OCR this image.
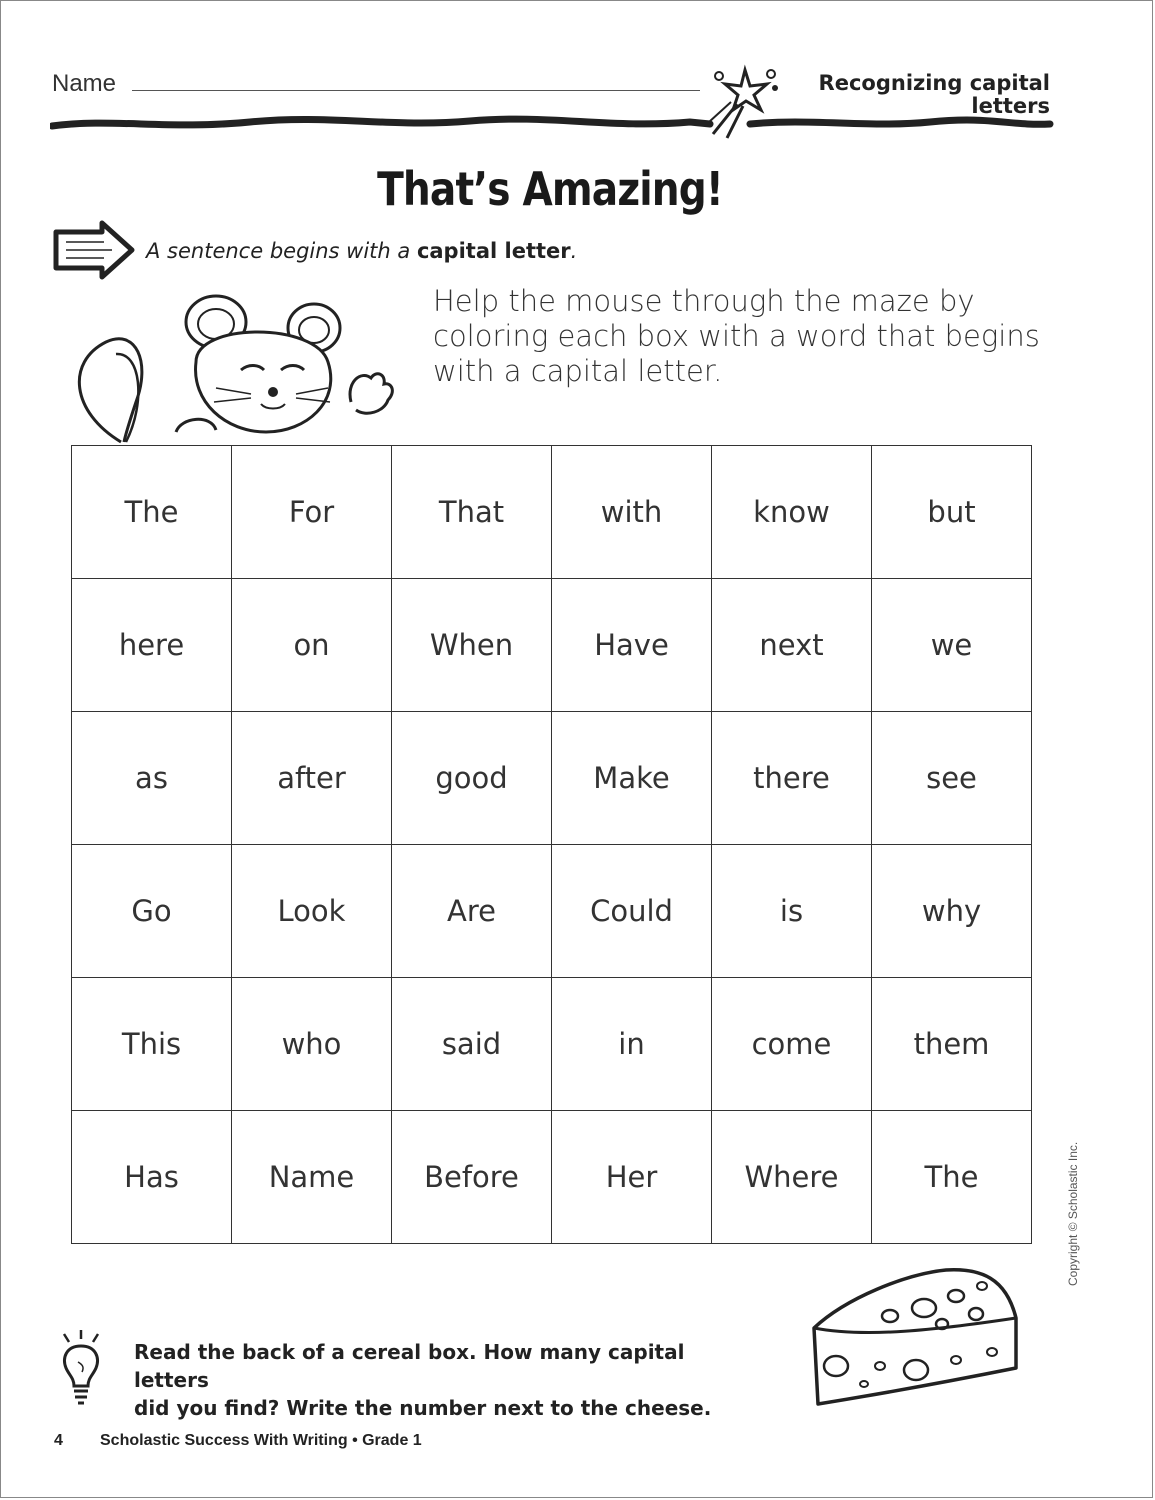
Name	Recognizing capital letters
That’s Amazing!
A sentence begins with a capital letter.
Help the mouse through the maze by coloring each box with a word that begins with a capital letter.
The	For	That	with	know	but
here	on	When	Have	next	we
as	after	good	Make	there	see
Go	Look	Are	Could	is	why
This	who	said	in	come	them
Has	Name	Before	Her	Where	The	Copyright © Scholastic Inc.
Read the back of a cereal box. How many capital letters
did you find? Write the number next to the cheese.
4 Scholastic Success With Writing • Grade 1
